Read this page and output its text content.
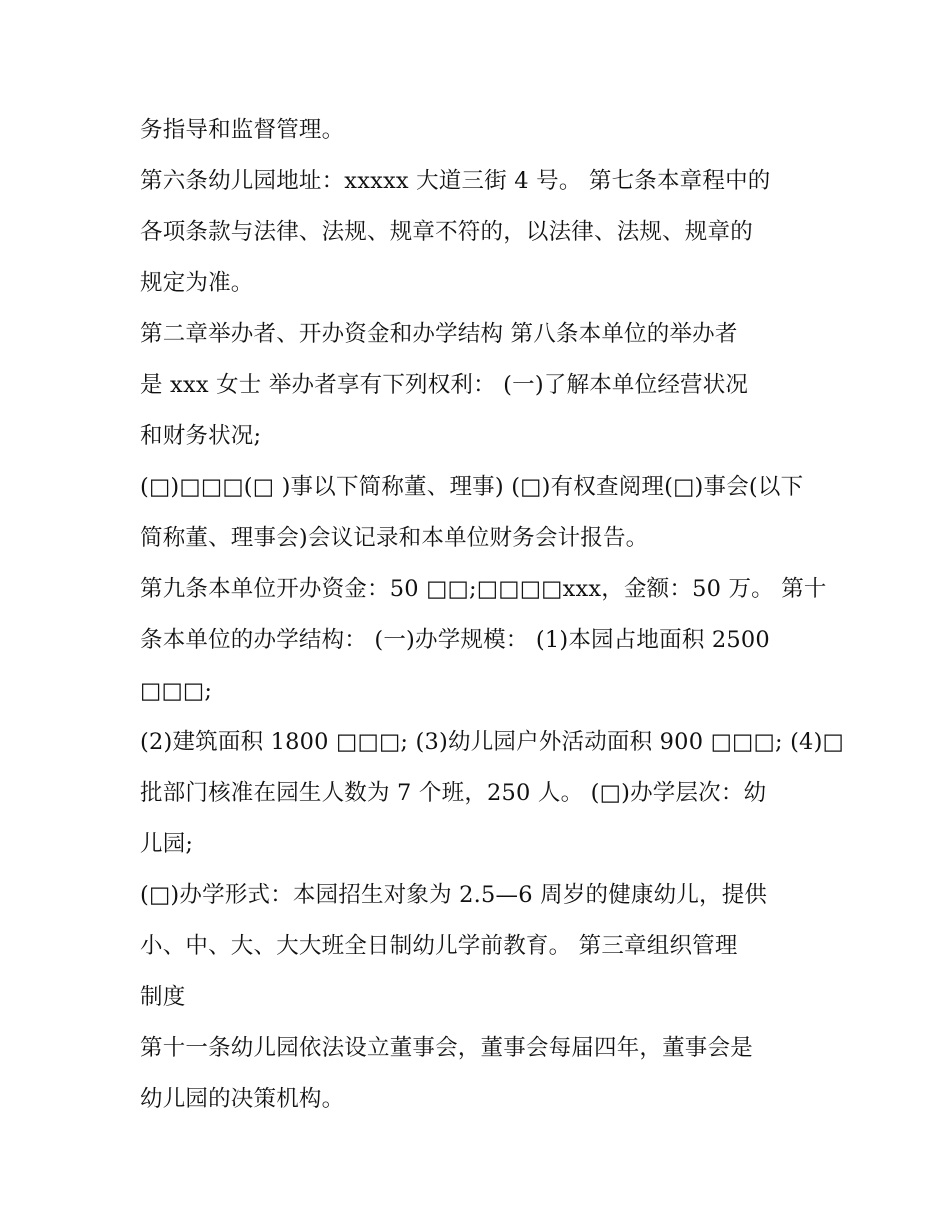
务指导和监督管理。
第六条幼儿园地址：xxxxx 大道三街 4 号。 第七条本章程中的
各项条款与法律、法规、规章不符的，以法律、法规、规章的
规定为准。
第二章举办者、开办资金和办学结构 第八条本单位的举办者
是 xxx 女士 举办者享有下列权利： (一)了解本单位经营状况
和财务状况;
(□)□□□(□ )事以下简称董、理事) (□)有权查阅理(□)事会(以下
简称董、理事会)会议记录和本单位财务会计报告。
第九条本单位开办资金：50 □□;□□□□xxx，金额：50 万。 第十
条本单位的办学结构： (一)办学规模： (1)本园占地面积 2500
□□□;
(2)建筑面积 1800 □□□; (3)幼儿园户外活动面积 900 □□□; (4)□
批部门核准在园生人数为 7 个班，250 人。 (□)办学层次：幼
儿园;
(□)办学形式：本园招生对象为 2.5—6 周岁的健康幼儿，提供
小、中、大、大大班全日制幼儿学前教育。 第三章组织管理
制度
第十一条幼儿园依法设立董事会，董事会每届四年，董事会是
幼儿园的决策机构。
